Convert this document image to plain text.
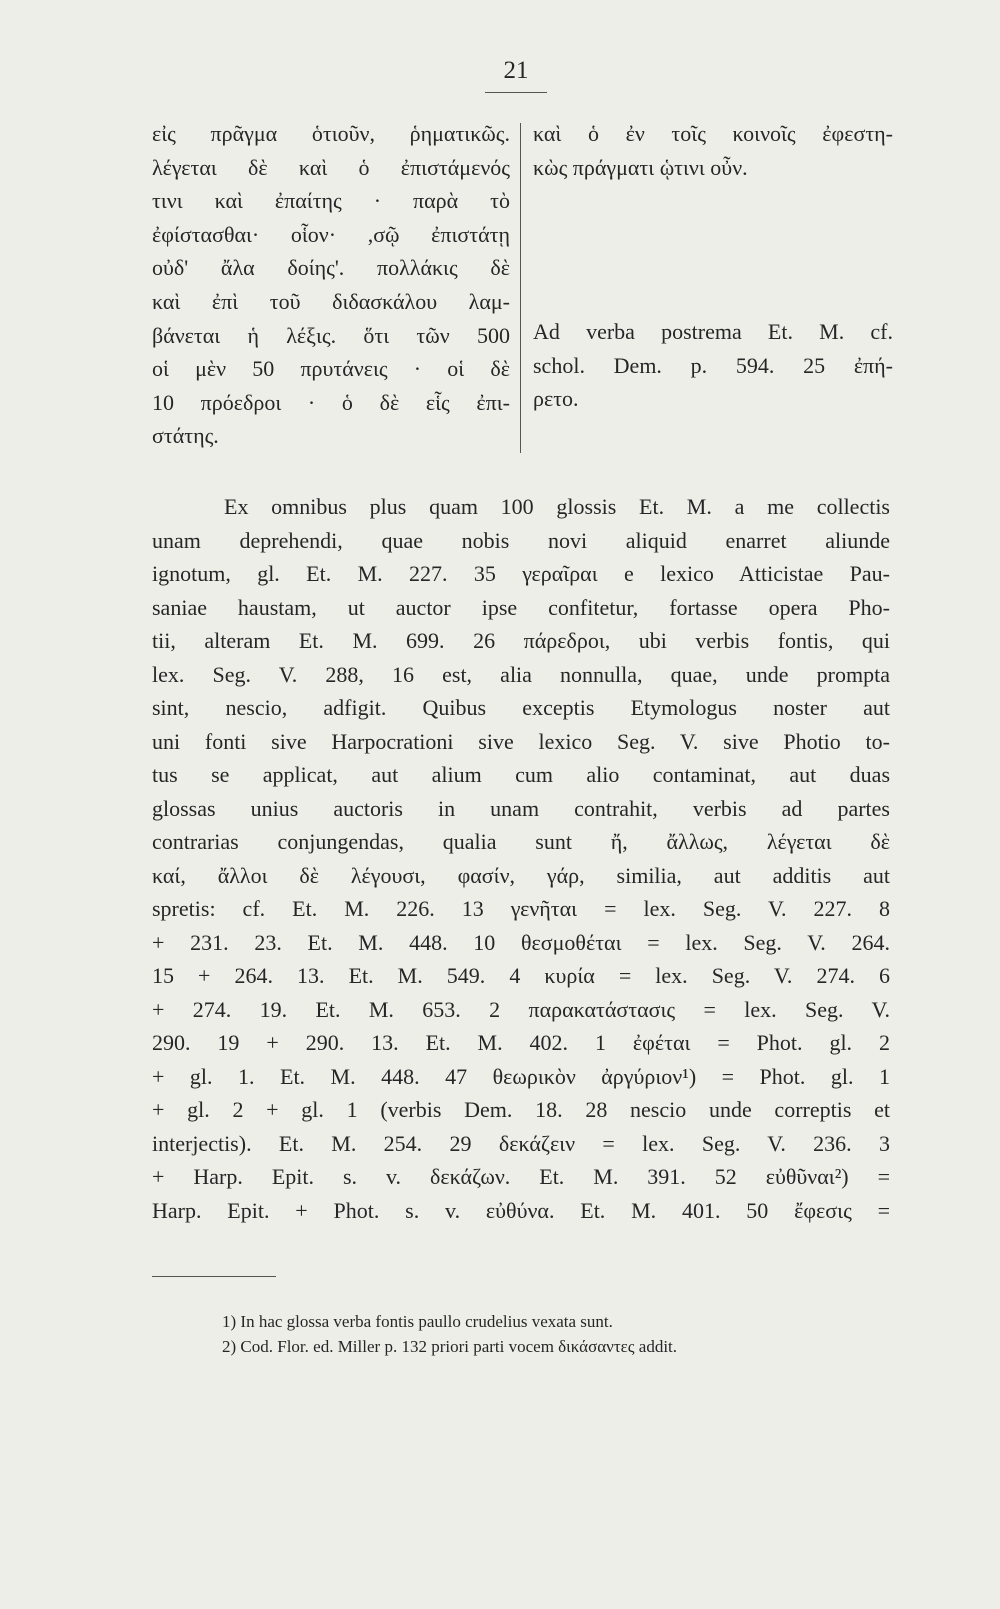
21
εἰς πρᾶγμα ὁτιοῦν, ῥηματικῶς.
λέγεται δὲ καὶ ὁ ἐπιστάμενός
τινι καὶ ἐπαίτης · παρὰ τὸ
ἐφίστασθαι· οἷον· ,σῷ ἐπιστάτῃ
οὐδ' ἄλα δοίης'. πολλάκις δὲ
καὶ ἐπὶ τοῦ διδασκάλου λαμ-
βάνεται ἡ λέξις. ὅτι τῶν 500
οἱ μὲν 50 πρυτάνεις · οἱ δὲ
10 πρόεδροι · ὁ δὲ εἷς ἐπι-
στάτης.
καὶ ὁ ἐν τοῖς κοινοῖς ἐφεστη-
κὼς πράγματι ᾡτινι οὖν.
Ad verba postrema Et. M. cf.
schol. Dem. p. 594. 25 ἐπή-
ρετο.
Ex omnibus plus quam 100 glossis Et. M. a me collectis
unam deprehendi, quae nobis novi aliquid enarret aliunde
ignotum, gl. Et. M. 227. 35 γεραῖραι e lexico Atticistae Pau-
saniae haustam, ut auctor ipse confitetur, fortasse opera Pho-
tii, alteram Et. M. 699. 26 πάρεδροι, ubi verbis fontis, qui
lex. Seg. V. 288, 16 est, alia nonnulla, quae, unde prompta
sint, nescio, adfigit. Quibus exceptis Etymologus noster aut
uni fonti sive Harpocrationi sive lexico Seg. V. sive Photio to-
tus se applicat, aut alium cum alio contaminat, aut duas
glossas unius auctoris in unam contrahit, verbis ad partes
contrarias conjungendas, qualia sunt ἤ, ἄλλως, λέγεται δὲ
καί, ἄλλοι δὲ λέγουσι, φασίν, γάρ, similia, aut additis aut
spretis: cf. Et. M. 226. 13 γενῆται = lex. Seg. V. 227. 8
+ 231. 23. Et. M. 448. 10 θεσμοθέται = lex. Seg. V. 264.
15 + 264. 13. Et. M. 549. 4 κυρία = lex. Seg. V. 274. 6
+ 274. 19. Et. M. 653. 2 παρακατάστασις = lex. Seg. V.
290. 19 + 290. 13. Et. M. 402. 1 ἐφέται = Phot. gl. 2
+ gl. 1. Et. M. 448. 47 θεωρικὸν ἀργύριον¹) = Phot. gl. 1
+ gl. 2 + gl. 1 (verbis Dem. 18. 28 nescio unde correptis et
interjectis). Et. M. 254. 29 δεκάζειν = lex. Seg. V. 236. 3
+ Harp. Epit. s. v. δεκάζων. Et. M. 391. 52 εὐθῦναι²) =
Harp. Epit. + Phot. s. v. εὐθύνα. Et. M. 401. 50 ἔφεσις =
1) In hac glossa verba fontis paullo crudelius vexata sunt.
2) Cod. Flor. ed. Miller p. 132 priori parti vocem δικάσαντες addit.
